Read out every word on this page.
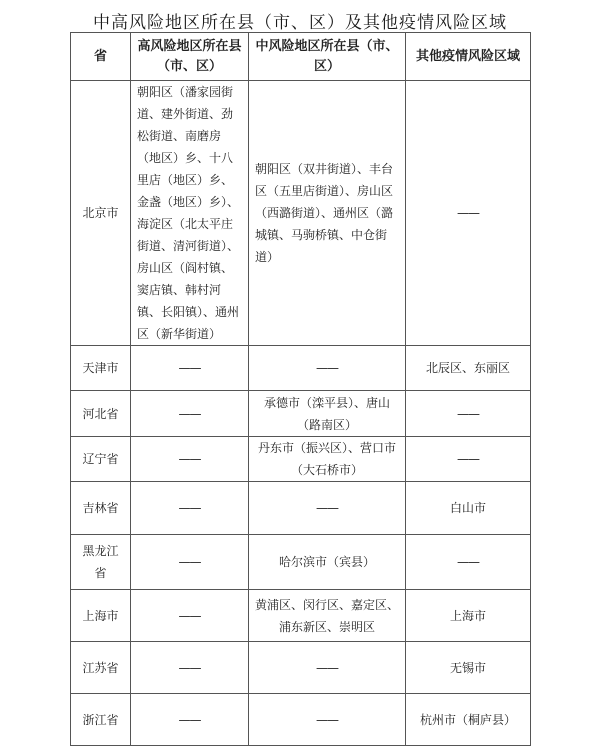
中高风险地区所在县（市、区）及其他疫情风险区域
省	高风险地区所在县（市、区）	中风险地区所在县（市、区）	其他疫情风险区域
北京市	朝阳区（潘家园街道、建外街道、劲松街道、南磨房（地区）乡、十八里店（地区）乡、金盏（地区）乡）、海淀区（北太平庄街道、清河街道）、房山区（阎村镇、窦店镇、韩村河镇、长阳镇）、通州区（新华街道）	朝阳区（双井街道）、丰台区（五里店街道）、房山区（西潞街道）、通州区（潞城镇、马驹桥镇、中仓街道）	——
天津市	——	——	北辰区、东丽区
河北省	——	承德市（滦平县）、唐山（路南区）	——
辽宁省	——	丹东市（振兴区）、营口市（大石桥市）	——
吉林省	——	——	白山市
黑龙江省	——	哈尔滨市（宾县）	——
上海市	——	黄浦区、闵行区、嘉定区、浦东新区、崇明区	上海市
江苏省	——	——	无锡市
浙江省	——	——	杭州市（桐庐县）
